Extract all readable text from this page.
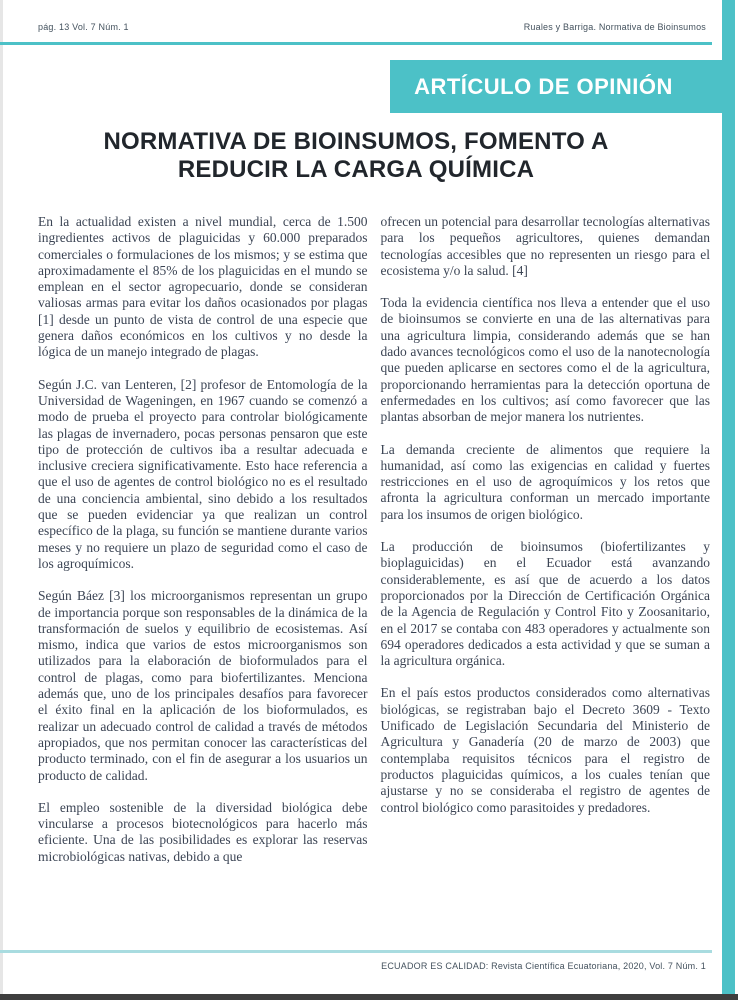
pág. 13 Vol. 7 Núm. 1	Ruales y Barriga. Normativa de Bioinsumos
ARTÍCULO DE OPINIÓN
NORMATIVA DE BIOINSUMOS, FOMENTO A
REDUCIR LA CARGA QUÍMICA

En la actualidad existen a nivel mundial, cerca de 1.500 ingredientes activos de plaguicidas y 60.000 preparados comerciales o formulaciones de los mismos; y se estima que aproximadamente el 85% de los plaguicidas en el mundo se emplean en el sector agropecuario, donde se consideran valiosas armas para evitar los daños ocasionados por plagas [1] desde un punto de vista de control de una especie que genera daños económicos en los cultivos y no desde la lógica de un manejo integrado de plagas.

Según J.C. van Lenteren, [2] profesor de Entomología de la Universidad de Wageningen, en 1967 cuando se comenzó a modo de prueba el proyecto para controlar biológicamente las plagas de invernadero, pocas personas pensaron que este tipo de protección de cultivos iba a resultar adecuada e inclusive creciera significativamente. Esto hace referencia a que el uso de agentes de control biológico no es el resultado de una conciencia ambiental, sino debido a los resultados que se pueden evidenciar ya que realizan un control específico de la plaga, su función se mantiene durante varios meses y no requiere un plazo de seguridad como el caso de los agroquímicos.

Según Báez [3] los microorganismos representan un grupo de importancia porque son responsables de la dinámica de la transformación de suelos y equilibrio de ecosistemas. Así mismo, indica que varios de estos microorganismos son utilizados para la elaboración de bioformulados para el control de plagas, como para biofertilizantes. Menciona además que, uno de los principales desafíos para favorecer el éxito final en la aplicación de los bioformulados, es realizar un adecuado control de calidad a través de métodos apropiados, que nos permitan conocer las características del producto terminado, con el fin de asegurar a los usuarios un producto de calidad.

El empleo sostenible de la diversidad biológica debe vincularse a procesos biotecnológicos para hacerlo más eficiente. Una de las posibilidades es explorar las reservas microbiológicas nativas, debido a que

ofrecen un potencial para desarrollar tecnologías alternativas para los pequeños agricultores, quienes demandan tecnologías accesibles que no representen un riesgo para el ecosistema y/o la salud. [4]

Toda la evidencia científica nos lleva a entender que el uso de bioinsumos se convierte en una de las alternativas para una agricultura limpia, considerando además que se han dado avances tecnológicos como el uso de la nanotecnología que pueden aplicarse en sectores como el de la agricultura, proporcionando herramientas para la detección oportuna de enfermedades en los cultivos; así como favorecer que las plantas absorban de mejor manera los nutrientes.

La demanda creciente de alimentos que requiere la humanidad, así como las exigencias en calidad y fuertes restricciones en el uso de agroquímicos y los retos que afronta la agricultura conforman un mercado importante para los insumos de origen biológico.

La producción de bioinsumos (biofertilizantes y bioplaguicidas) en el Ecuador está avanzando considerablemente, es así que de acuerdo a los datos proporcionados por la Dirección de Certificación Orgánica de la Agencia de Regulación y Control Fito y Zoosanitario, en el 2017 se contaba con 483 operadores y actualmente son 694 operadores dedicados a esta actividad y que se suman a la agricultura orgánica.

En el país estos productos considerados como alternativas biológicas, se registraban bajo el Decreto 3609 - Texto Unificado de Legislación Secundaria del Ministerio de Agricultura y Ganadería (20 de marzo de 2003) que contemplaba requisitos técnicos para el registro de productos plaguicidas químicos, a los cuales tenían que ajustarse y no se consideraba el registro de agentes de control biológico como parasitoides y predadores.

ECUADOR ES CALIDAD: Revista Científica Ecuatoriana, 2020, Vol. 7 Núm. 1
